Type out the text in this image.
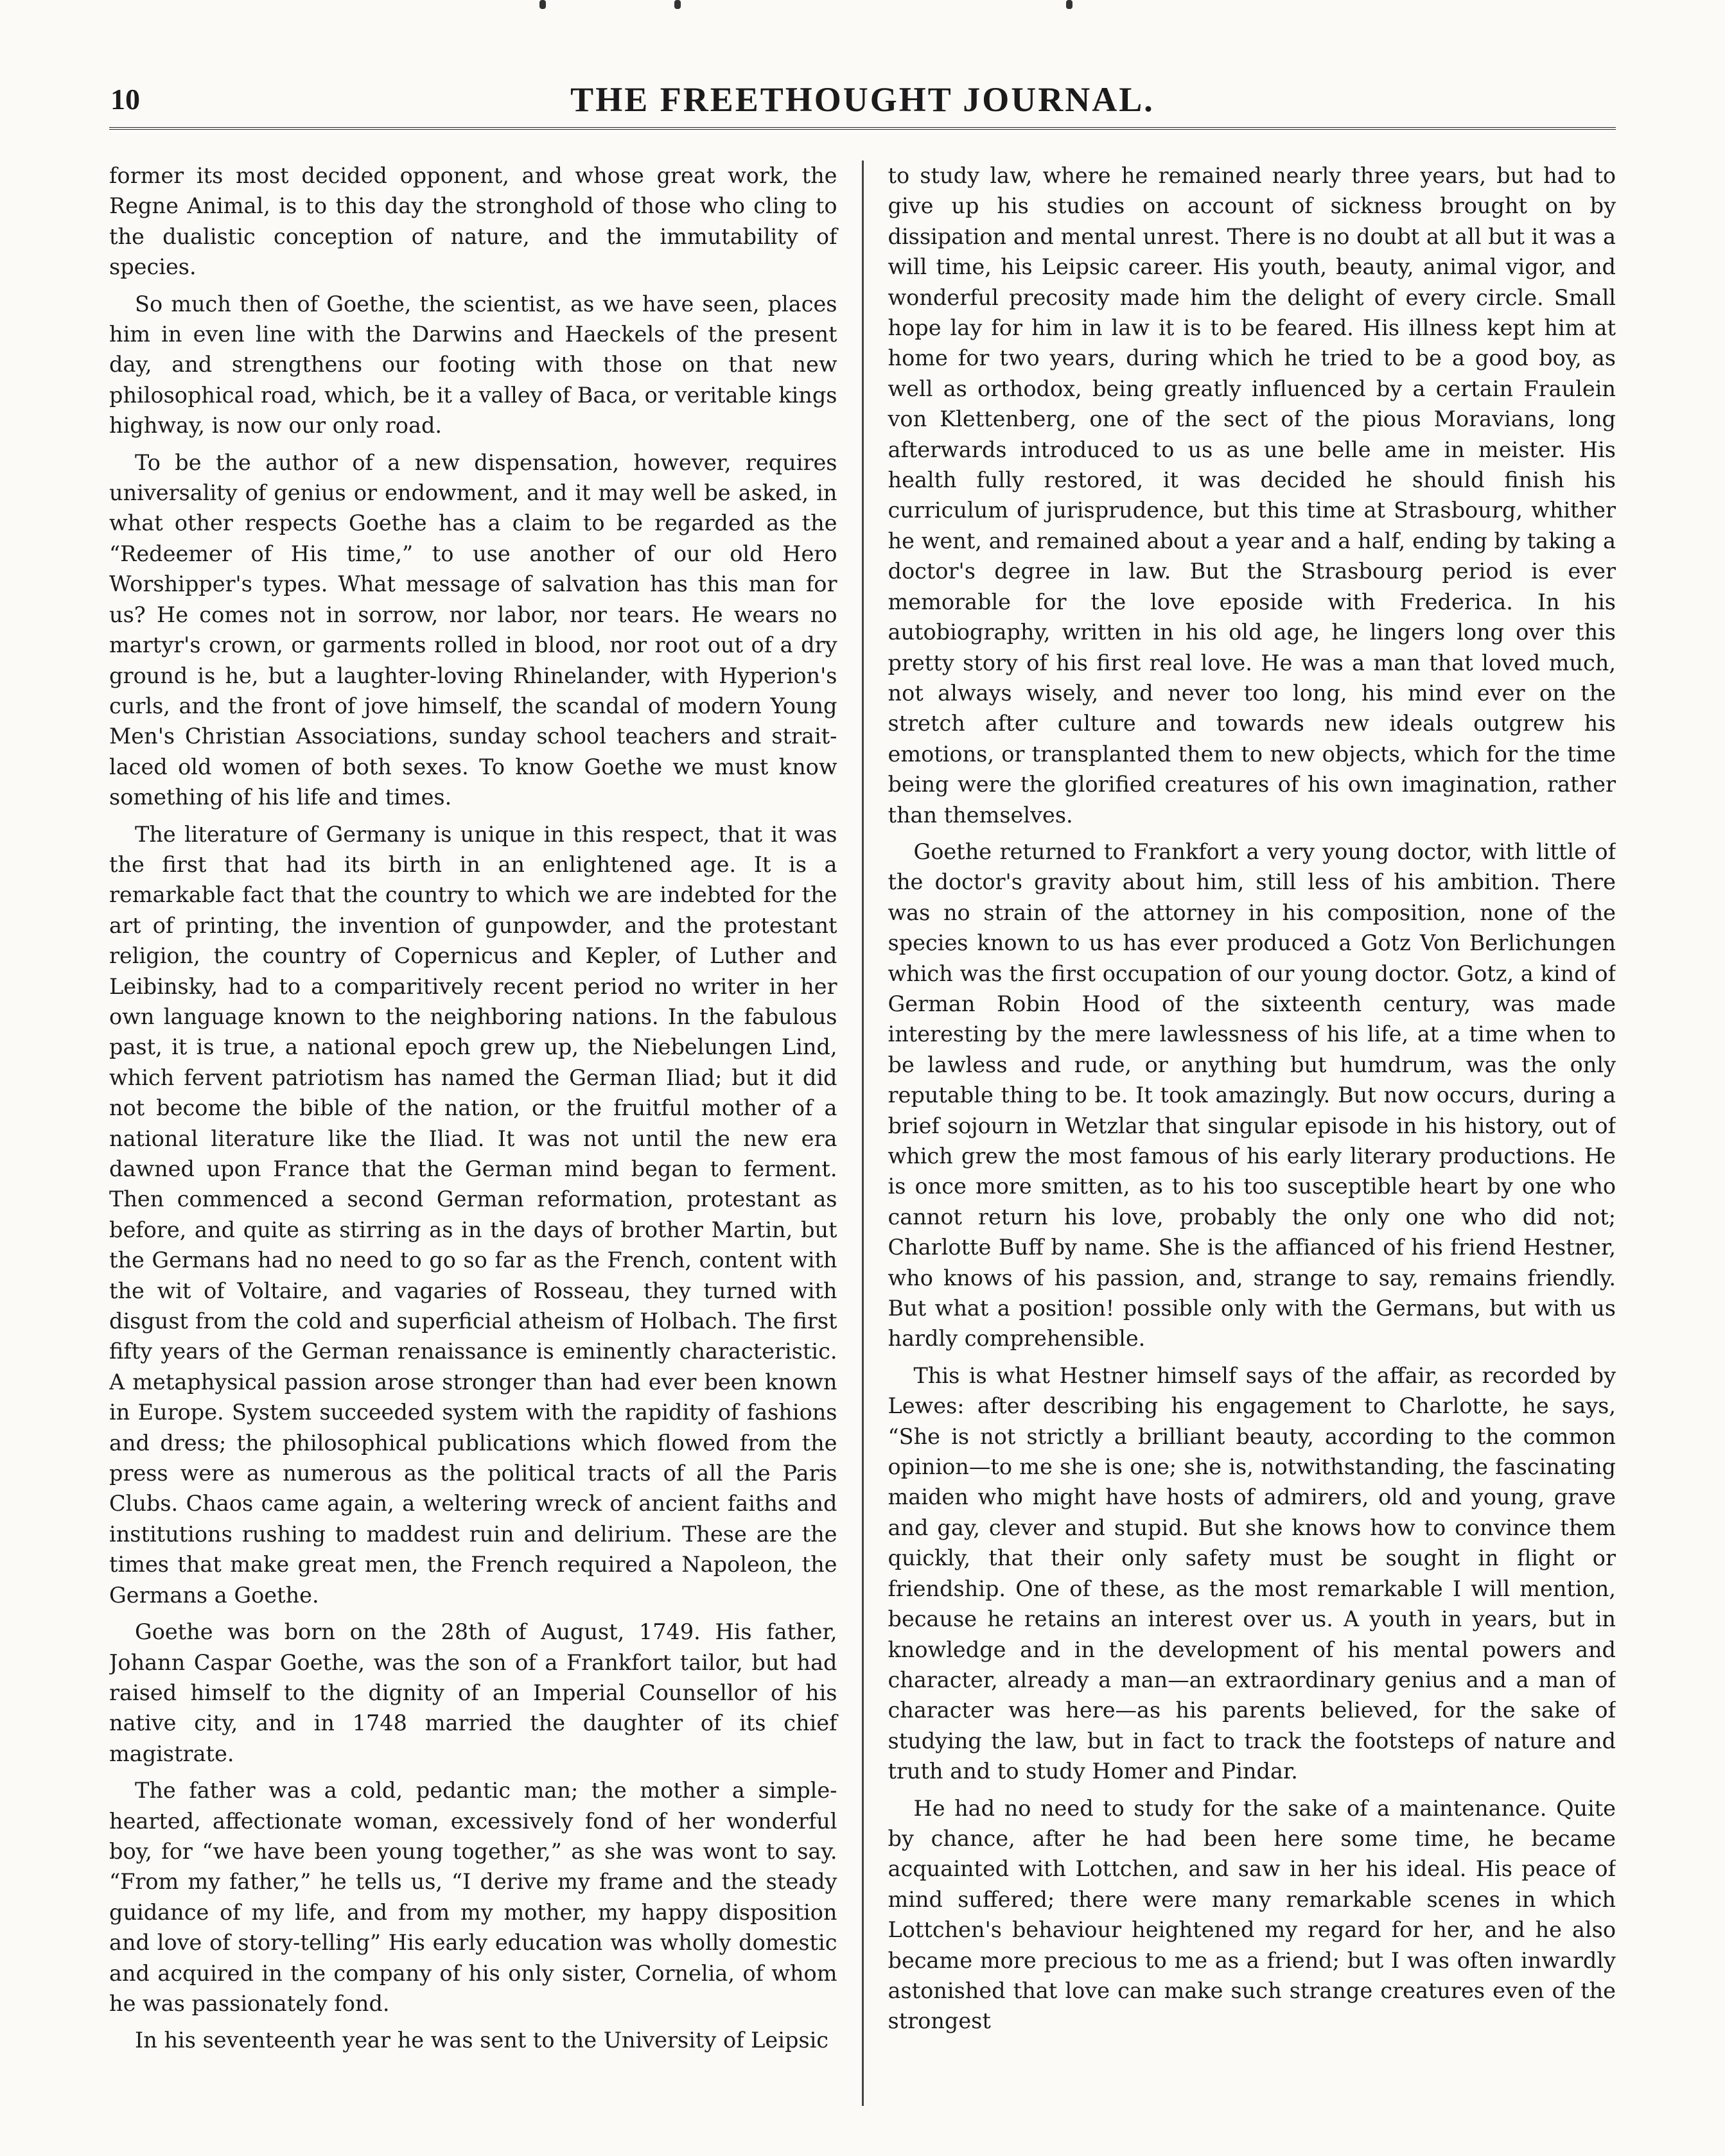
10	THE FREETHOUGHT JOURNAL.

former its most decided opponent, and whose great work, the Regne Animal, is to this day the stronghold of those who cling to the dualistic conception of nature, and the immutability of species.

So much then of Goethe, the scientist, as we have seen, places him in even line with the Darwins and Haeckels of the present day, and strengthens our footing with those on that new philosophical road, which, be it a valley of Baca, or veritable kings highway, is now our only road.

To be the author of a new dispensation, however, requires universality of genius or endowment, and it may well be asked, in what other respects Goethe has a claim to be regarded as the “Redeemer of His time,” to use another of our old Hero Worshipper's types. What message of salvation has this man for us? He comes not in sorrow, nor labor, nor tears. He wears no martyr's crown, or garments rolled in blood, nor root out of a dry ground is he, but a laughter-loving Rhinelander, with Hyperion's curls, and the front of jove himself, the scandal of modern Young Men's Christian Associations, sunday school teachers and strait-laced old women of both sexes. To know Goethe we must know something of his life and times.

The literature of Germany is unique in this respect, that it was the first that had its birth in an enlightened age. It is a remarkable fact that the country to which we are indebted for the art of printing, the invention of gunpowder, and the protestant religion, the country of Copernicus and Kepler, of Luther and Leibinsky, had to a comparitively recent period no writer in her own language known to the neighboring nations. In the fabulous past, it is true, a national epoch grew up, the Niebelungen Lind, which fervent patriotism has named the German Iliad; but it did not become the bible of the nation, or the fruitful mother of a national literature like the Iliad. It was not until the new era dawned upon France that the German mind began to ferment. Then commenced a second German reformation, protestant as before, and quite as stirring as in the days of brother Martin, but the Germans had no need to go so far as the French, content with the wit of Voltaire, and vagaries of Rosseau, they turned with disgust from the cold and superficial atheism of Holbach. The first fifty years of the German renaissance is eminently characteristic. A metaphysical passion arose stronger than had ever been known in Europe. System succeeded system with the rapidity of fashions and dress; the philosophical publications which flowed from the press were as numerous as the political tracts of all the Paris Clubs. Chaos came again, a weltering wreck of ancient faiths and institutions rushing to maddest ruin and delirium. These are the times that make great men, the French required a Napoleon, the Germans a Goethe.

Goethe was born on the 28th of August, 1749. His father, Johann Caspar Goethe, was the son of a Frankfort tailor, but had raised himself to the dignity of an Imperial Counsellor of his native city, and in 1748 married the daughter of its chief magistrate.

The father was a cold, pedantic man; the mother a simple-hearted, affectionate woman, excessively fond of her wonderful boy, for “we have been young together,” as she was wont to say. “From my father,” he tells us, “I derive my frame and the steady guidance of my life, and from my mother, my happy disposition and love of story-telling” His early education was wholly domestic and acquired in the company of his only sister, Cornelia, of whom he was passionately fond.

In his seventeenth year he was sent to the University of Leipsic

to study law, where he remained nearly three years, but had to give up his studies on account of sickness brought on by dissipation and mental unrest. There is no doubt at all but it was a will time, his Leipsic career. His youth, beauty, animal vigor, and wonderful precosity made him the delight of every circle. Small hope lay for him in law it is to be feared. His illness kept him at home for two years, during which he tried to be a good boy, as well as orthodox, being greatly influenced by a certain Fraulein von Klettenberg, one of the sect of the pious Moravians, long afterwards introduced to us as une belle ame in meister. His health fully restored, it was decided he should finish his curriculum of jurisprudence, but this time at Strasbourg, whither he went, and remained about a year and a half, ending by taking a doctor's degree in law. But the Strasbourg period is ever memorable for the love eposide with Frederica. In his autobiography, written in his old age, he lingers long over this pretty story of his first real love. He was a man that loved much, not always wisely, and never too long, his mind ever on the stretch after culture and towards new ideals outgrew his emotions, or transplanted them to new objects, which for the time being were the glorified creatures of his own imagination, rather than themselves.

Goethe returned to Frankfort a very young doctor, with little of the doctor's gravity about him, still less of his ambition. There was no strain of the attorney in his composition, none of the species known to us has ever produced a Gotz Von Berlichungen which was the first occupation of our young doctor. Gotz, a kind of German Robin Hood of the sixteenth century, was made interesting by the mere lawlessness of his life, at a time when to be lawless and rude, or anything but humdrum, was the only reputable thing to be. It took amazingly. But now occurs, during a brief sojourn in Wetzlar that singular episode in his history, out of which grew the most famous of his early literary productions. He is once more smitten, as to his too susceptible heart by one who cannot return his love, probably the only one who did not; Charlotte Buff by name. She is the affianced of his friend Hestner, who knows of his passion, and, strange to say, remains friendly. But what a position! possible only with the Germans, but with us hardly comprehensible.

This is what Hestner himself says of the affair, as recorded by Lewes: after describing his engagement to Charlotte, he says, “She is not strictly a brilliant beauty, according to the common opinion—to me she is one; she is, notwithstanding, the fascinating maiden who might have hosts of admirers, old and young, grave and gay, clever and stupid. But she knows how to convince them quickly, that their only safety must be sought in flight or friendship. One of these, as the most remarkable I will mention, because he retains an interest over us. A youth in years, but in knowledge and in the development of his mental powers and character, already a man—an extraordinary genius and a man of character was here—as his parents believed, for the sake of studying the law, but in fact to track the footsteps of nature and truth and to study Homer and Pindar.

He had no need to study for the sake of a maintenance. Quite by chance, after he had been here some time, he became acquainted with Lottchen, and saw in her his ideal. His peace of mind suffered; there were many remarkable scenes in which Lottchen's behaviour heightened my regard for her, and he also became more precious to me as a friend; but I was often inwardly astonished that love can make such strange creatures even of the strongest
